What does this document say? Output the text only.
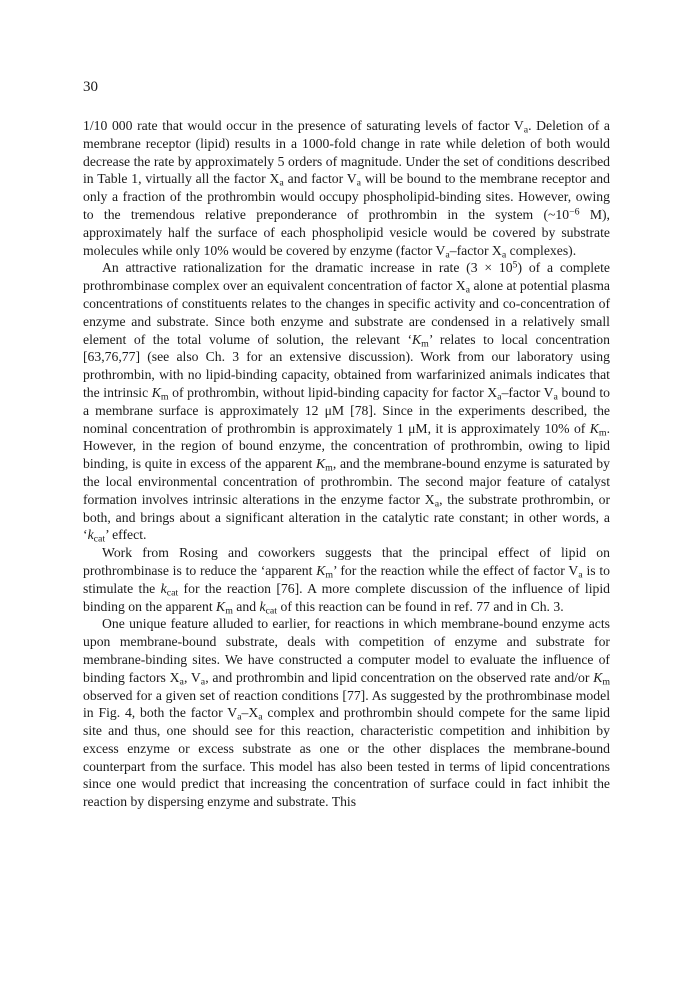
30

1/10 000 rate that would occur in the presence of saturating levels of factor $V_a$. Deletion of a membrane receptor (lipid) results in a 1000-fold change in rate while deletion of both would decrease the rate by approximately 5 orders of magnitude. Under the set of conditions described in Table 1, virtually all the factor $X_a$ and factor $V_a$ will be bound to the membrane receptor and only a fraction of the prothrombin would occupy phospholipid-binding sites. However, owing to the tremendous relative preponderance of prothrombin in the system ($\sim 10^{-6}$ M), approximately half the surface of each phospholipid vesicle would be covered by substrate molecules while only 10% would be covered by enzyme (factor $V_a$–factor $X_a$ complexes).

An attractive rationalization for the dramatic increase in rate $(3 \times 10^5)$ of a complete prothrombinase complex over an equivalent concentration of factor $X_a$ alone at potential plasma concentrations of constituents relates to the changes in specific activity and co-concentration of enzyme and substrate. Since both enzyme and substrate are condensed in a relatively small element of the total volume of solution, the relevant ‘$K_m$’ relates to local concentration [63,76,77] (see also Ch. 3 for an extensive discussion). Work from our laboratory using prothrombin, with no lipid-binding capacity, obtained from warfarinized animals indicates that the intrinsic $K_m$ of prothrombin, without lipid-binding capacity for factor $X_a$–factor $V_a$ bound to a membrane surface is approximately 12 μM [78]. Since in the experiments described, the nominal concentration of prothrombin is approximately 1 μM, it is approximately 10% of $K_m$. However, in the region of bound enzyme, the concentration of prothrombin, owing to lipid binding, is quite in excess of the apparent $K_m$, and the membrane-bound enzyme is saturated by the local environmental concentration of prothrombin. The second major feature of catalyst formation involves intrinsic alterations in the enzyme factor $X_a$, the substrate prothrombin, or both, and brings about a significant alteration in the catalytic rate constant; in other words, a ‘$k_{cat}$’ effect.

Work from Rosing and coworkers suggests that the principal effect of lipid on prothrombinase is to reduce the ‘apparent $K_m$’ for the reaction while the effect of factor $V_a$ is to stimulate the $k_{cat}$ for the reaction [76]. A more complete discussion of the influence of lipid binding on the apparent $K_m$ and $k_{cat}$ of this reaction can be found in ref. 77 and in Ch. 3.

One unique feature alluded to earlier, for reactions in which membrane-bound enzyme acts upon membrane-bound substrate, deals with competition of enzyme and substrate for membrane-binding sites. We have constructed a computer model to evaluate the influence of binding factors $X_a$, $V_a$, and prothrombin and lipid concentration on the observed rate and/or $K_m$ observed for a given set of reaction conditions [77]. As suggested by the prothrombinase model in Fig. 4, both the factor $V_a-X_a$ complex and prothrombin should compete for the same lipid site and thus, one should see for this reaction, characteristic competition and inhibition by excess enzyme or excess substrate as one or the other displaces the membrane-bound counterpart from the surface. This model has also been tested in terms of lipid concentrations since one would predict that increasing the concentration of surface could in fact inhibit the reaction by dispersing enzyme and substrate. This
